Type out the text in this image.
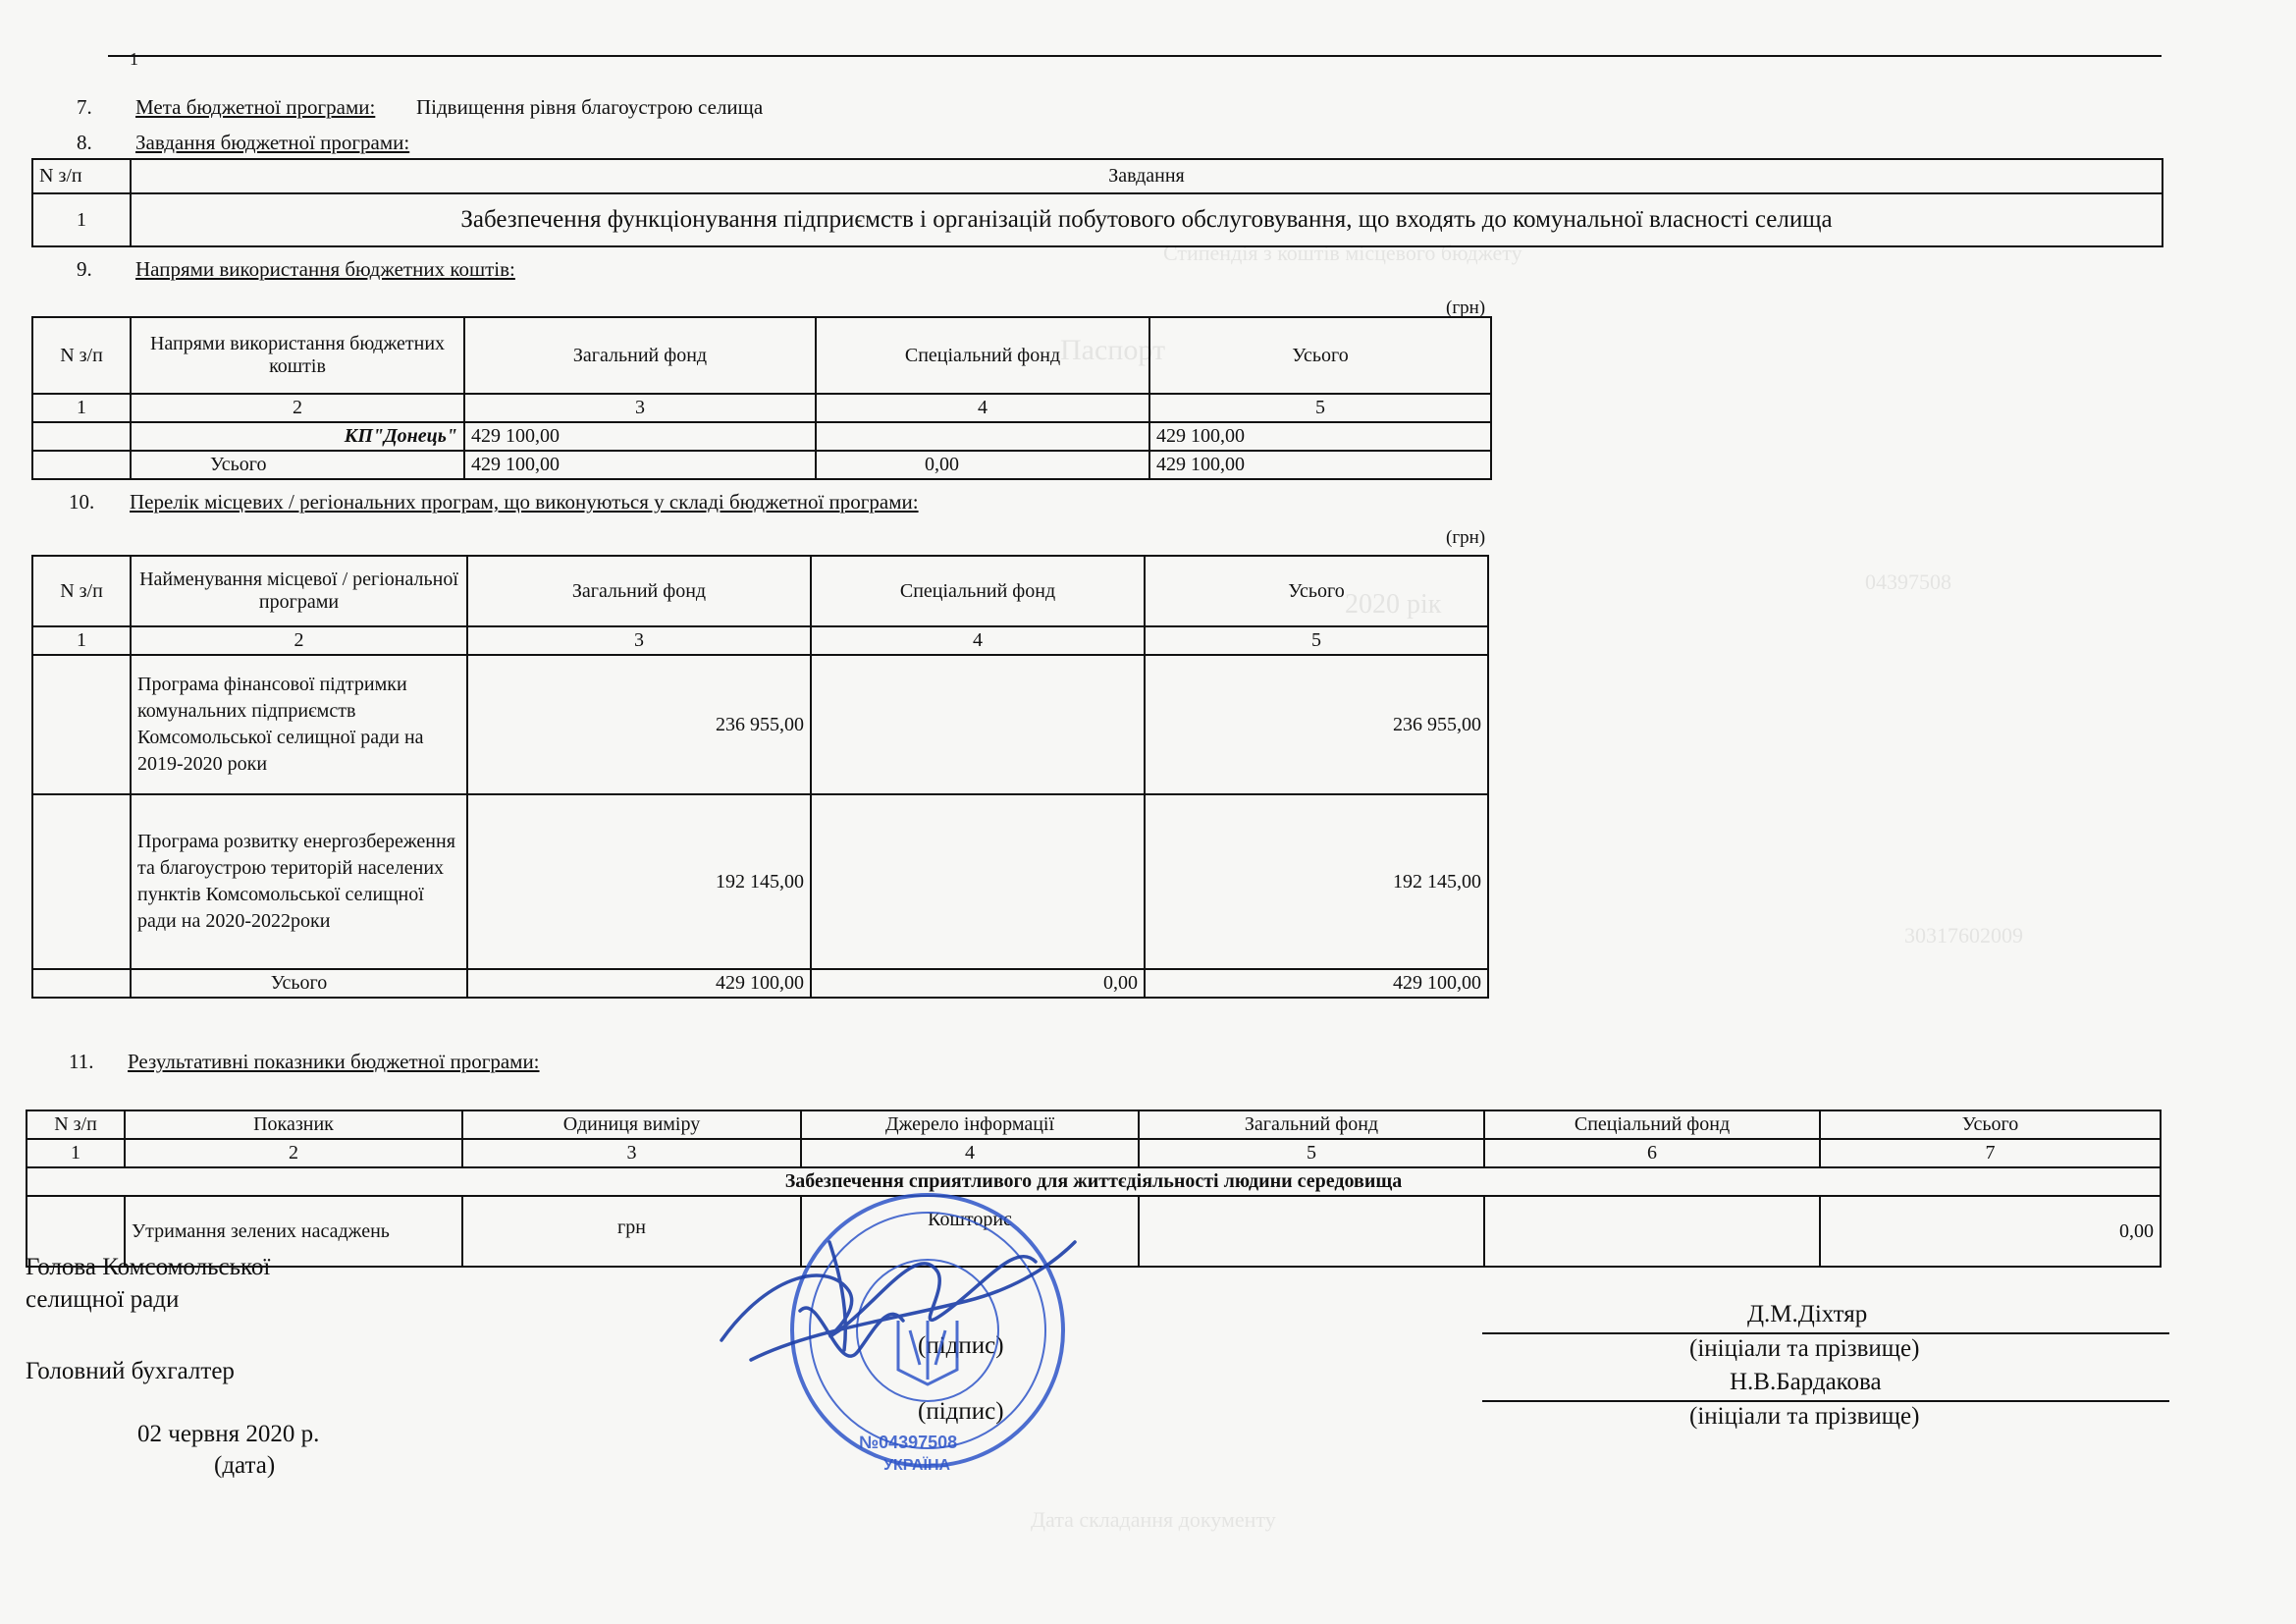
Стипендія з коштів місцевого бюджету
Паспорт
2020 рік
04397508
30317602009
Дата складання документу
1
7. Мета бюджетної програми: Підвищення рівня благоустрою селища
8. Завдання бюджетної програми:
N з/п	Завдання
1	Забезпечення функціонування підприємств і організацій побутового обслуговування, що входять до комунальної власності селища
9. Напрями використання бюджетних коштів:
(грн)
N з/п	Напрями використання бюджетних коштів	Загальний фонд	Спеціальний фонд	Усього
1	2	3	4	5
	КП"Донець"	429 100,00		429 100,00
	Усього	429 100,00	0,00	429 100,00
10. Перелік місцевих / регіональних програм, що виконуються у складі бюджетної програми:
(грн)
N з/п	Найменування місцевої / регіональної програми	Загальний фонд	Спеціальний фонд	Усього
1	2	3	4	5
	Програма фінансової підтримки комунальних підприємств Комсомольської селищної ради на 2019-2020 роки	236 955,00		236 955,00
	Програма розвитку енергозбереження та благоустрою територій населених пунктів Комсомольської селищної ради на 2020-2022роки	192 145,00		192 145,00
	Усього	429 100,00	0,00	429 100,00
11. Результативні показники бюджетної програми:
N з/п	Показник	Одиниця виміру	Джерело інформації	Загальний фонд	Спеціальний фонд	Усього
1	2	3	4	5	6	7
Забезпечення сприятливого для життєдіяльності людини середовища						
	Утримання зелених насаджень	грн	Кошторис			0,00
Голова Комсомольської
селищної ради
(підпис)
Д.М.Діхтяр
(ініціали та прізвище)
Головний бухгалтер
(підпис)
Н.В.Бардакова
(ініціали та прізвище)
02 червня 2020 р.
(дата)
№04397508
УКРАЇНА
